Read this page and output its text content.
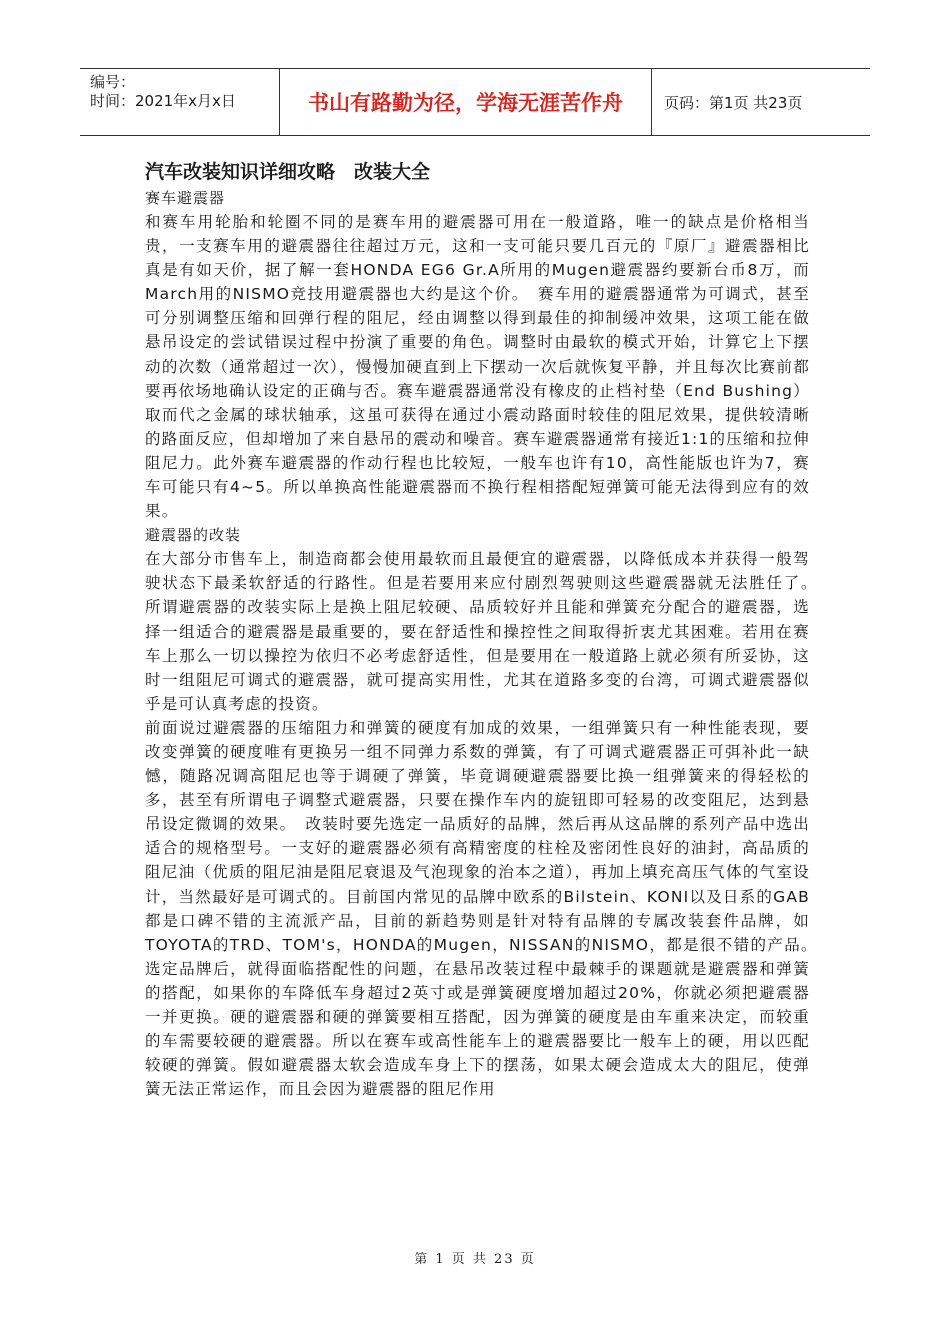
编号：
时间：2021年x月x日	书山有路勤为径，学海无涯苦作舟	页码：第1页 共23页
汽车改装知识详细攻略　改装大全
赛车避震器

和赛车用轮胎和轮圈不同的是赛车用的避震器可用在一般道路，唯一的缺点是价格相当贵，一支赛车用的避震器往往超过万元，这和一支可能只要几百元的『原厂』避震器相比真是有如天价，据了解一套HONDA EG6 Gr.A所用的Mugen避震器约要新台币8万，而March用的NISMO竞技用避震器也大约是这个价。　赛车用的避震器通常为可调式，甚至可分别调整压缩和回弹行程的阻尼，经由调整以得到最佳的抑制缓冲效果，这项工能在做悬吊设定的尝试错误过程中扮演了重要的角色。调整时由最软的模式开始，计算它上下摆动的次数（通常超过一次），慢慢加硬直到上下摆动一次后就恢复平静，并且每次比赛前都要再依场地确认设定的正确与否。赛车避震器通常没有橡皮的止档衬垫（End Bushing）取而代之金属的球状轴承，这虽可获得在通过小震动路面时较佳的阻尼效果，提供较清晰的路面反应，但却增加了来自悬吊的震动和噪音。赛车避震器通常有接近1:1的压缩和拉伸阻尼力。此外赛车避震器的作动行程也比较短，一般车也许有10，高性能版也许为7，赛车可能只有4~5。所以单换高性能避震器而不换行程相搭配短弹簧可能无法得到应有的效果。

避震器的改装

在大部分市售车上，制造商都会使用最软而且最便宜的避震器，以降低成本并获得一般驾驶状态下最柔软舒适的行路性。但是若要用来应付剧烈驾驶则这些避震器就无法胜任了。　所谓避震器的改装实际上是换上阻尼较硬、品质较好并且能和弹簧充分配合的避震器，选择一组适合的避震器是最重要的，要在舒适性和操控性之间取得折衷尤其困难。若用在赛车上那么一切以操控为依归不必考虑舒适性，但是要用在一般道路上就必须有所妥协，这时一组阻尼可调式的避震器，就可提高实用性，尤其在道路多变的台湾，可调式避震器似乎是可认真考虑的投资。

前面说过避震器的压缩阻力和弹簧的硬度有加成的效果，一组弹簧只有一种性能表现，要改变弹簧的硬度唯有更换另一组不同弹力系数的弹簧，有了可调式避震器正可弭补此一缺憾，随路况调高阻尼也等于调硬了弹簧，毕竟调硬避震器要比换一组弹簧来的得轻松的多，甚至有所谓电子调整式避震器，只要在操作车内的旋钮即可轻易的改变阻尼，达到悬吊设定微调的效果。　改装时要先选定一品质好的品牌，然后再从这品牌的系列产品中选出适合的规格型号。一支好的避震器必须有高精密度的柱栓及密闭性良好的油封，高品质的阻尼油（优质的阻尼油是阻尼衰退及气泡现象的治本之道），再加上填充高压气体的气室设计，当然最好是可调式的。目前国内常见的品牌中欧系的Bilstein、KONI以及日系的GAB都是口碑不错的主流派产品，目前的新趋势则是针对特有品牌的专属改装套件品牌，如TOYOTA的TRD、TOM's，HONDA的Mugen，NISSAN的NISMO，都是很不错的产品。　选定品牌后，就得面临搭配性的问题，在悬吊改装过程中最棘手的课题就是避震器和弹簧的搭配，如果你的车降低车身超过2英寸或是弹簧硬度增加超过20%，你就必须把避震器一并更换。硬的避震器和硬的弹簧要相互搭配，因为弹簧的硬度是由车重来决定，而较重的车需要较硬的避震器。所以在赛车或高性能车上的避震器要比一般车上的硬，用以匹配较硬的弹簧。假如避震器太软会造成车身上下的摆荡，如果太硬会造成太大的阻尼，使弹簧无法正常运作，而且会因为避震器的阻尼作用

第 1 页 共 23 页
